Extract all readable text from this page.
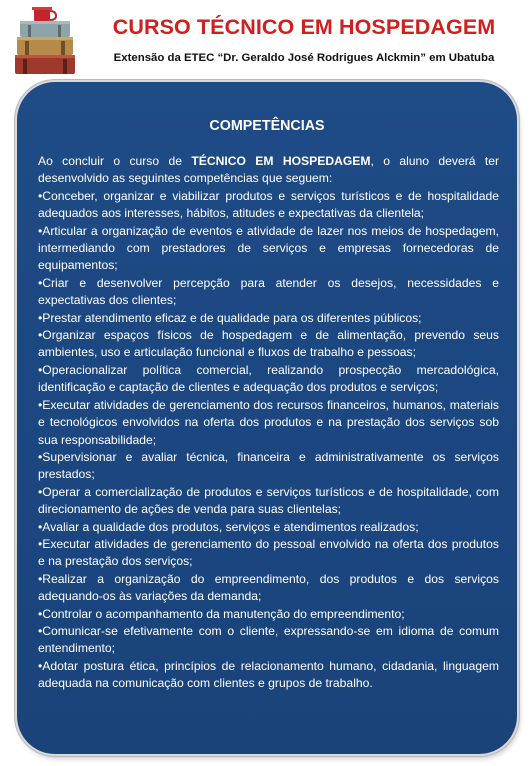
CURSO TÉCNICO EM HOSPEDAGEM
Extensão da ETEC “Dr. Geraldo José Rodrigues Alckmin” em Ubatuba
COMPETÊNCIAS

Ao concluir o curso de TÉCNICO EM HOSPEDAGEM, o aluno deverá ter desenvolvido as seguintes competências que seguem:

•Conceber, organizar e viabilizar produtos e serviços turísticos e de hospitalidade adequados aos interesses, hábitos, atitudes e expectativas da clientela;

•Articular a organização de eventos e atividade de lazer nos meios de hospedagem, intermediando com prestadores de serviços e empresas fornecedoras de equipamentos;

•Criar e desenvolver percepção para atender os desejos, necessidades e expectativas dos clientes;

•Prestar atendimento eficaz e de qualidade para os diferentes públicos;

•Organizar espaços físicos de hospedagem e de alimentação, prevendo seus ambientes, uso e articulação funcional e fluxos de trabalho e pessoas;

•Operacionalizar política comercial, realizando prospecção mercadológica, identificação e captação de clientes e adequação dos produtos e serviços;

•Executar atividades de gerenciamento dos recursos financeiros, humanos, materiais e tecnológicos envolvidos na oferta dos produtos e na prestação dos serviços sob sua responsabilidade;

•Supervisionar e avaliar técnica, financeira e administrativamente os serviços prestados;

•Operar a comercialização de produtos e serviços turísticos e de hospitalidade, com direcionamento de ações de venda para suas clientelas;

•Avaliar a qualidade dos produtos, serviços e atendimentos realizados;

•Executar atividades de gerenciamento do pessoal envolvido na oferta dos produtos e na prestação dos serviços;

•Realizar a organização do empreendimento, dos produtos e dos serviços adequando-os às variações da demanda;

•Controlar o acompanhamento da manutenção do empreendimento;

•Comunicar-se efetivamente com o cliente, expressando-se em idioma de comum entendimento;

•Adotar postura ética, princípios de relacionamento humano, cidadania, linguagem adequada na comunicação com clientes e grupos de trabalho.
